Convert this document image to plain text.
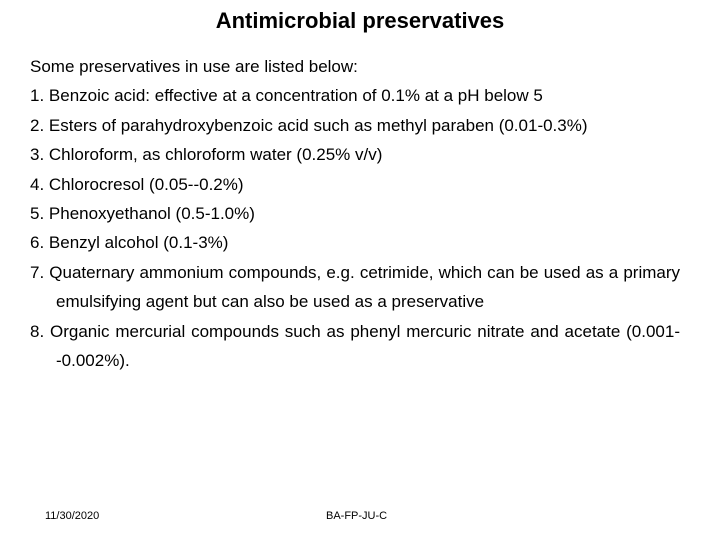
Antimicrobial preservatives

Some preservatives in use are listed below:

1. Benzoic acid: effective at a concentration of 0.1% at a pH below 5
2. Esters of parahydroxybenzoic acid such as methyl paraben (0.01-0.3%)
3. Chloroform, as chloroform water (0.25% v/v)
4. Chlorocresol (0.05--0.2%)
5. Phenoxyethanol (0.5-1.0%)
6. Benzyl alcohol (0.1-3%)
7. Quaternary ammonium compounds, e.g. cetrimide, which can be used as a primary emulsifying agent but can also be used as a preservative
8. Organic mercurial compounds such as phenyl mercuric nitrate and acetate (0.001--0.002%).
11/30/2020	BA-FP-JU-C
